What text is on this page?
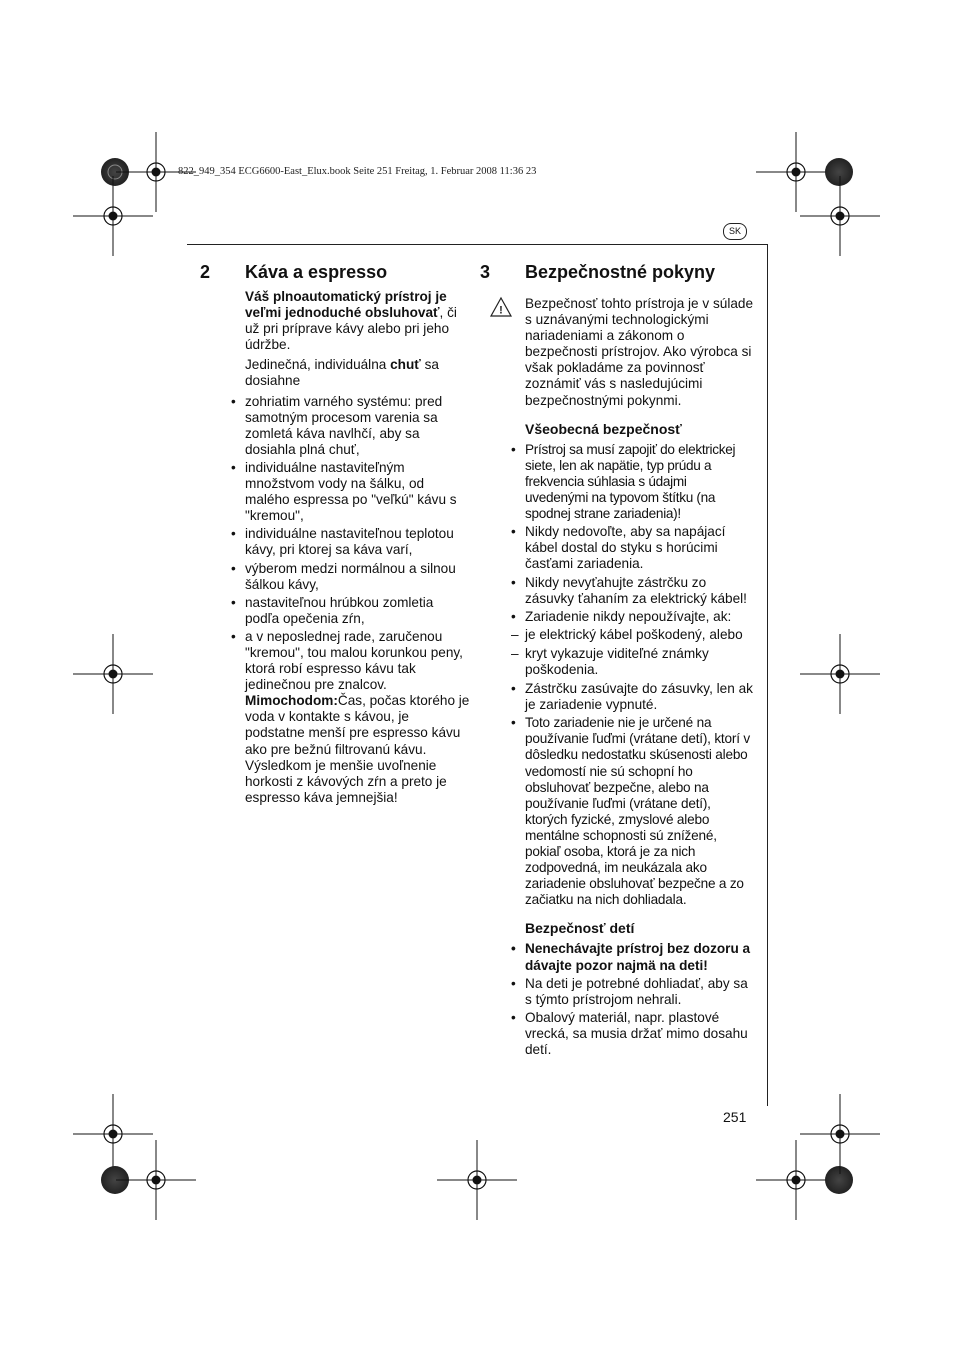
822_949_354 ECG6600-East_Elux.book Seite 251 Freitag, 1. Februar 2008 11:36 23
SK
2 Káva a espresso

Váš plnoautomatický prístroj je veľmi jednoduché obsluhovať, či už pri príprave kávy alebo pri jeho údržbe.

Jedinečná, individuálna chuť sa dosiahne

• zohriatim varného systému: pred samotným procesom varenia sa zomletá káva navlhčí, aby sa dosiahla plná chuť,
• individuálne nastaviteľným množstvom vody na šálku, od malého espressa po "veľkú" kávu s "kremou",
• individuálne nastaviteľnou teplotou kávy, pri ktorej sa káva varí,
• výberom medzi normálnou a silnou šálkou kávy,
• nastaviteľnou hrúbkou zomletia podľa opečenia zŕn,
• a v neposlednej rade, zaručenou "kremou", tou malou korunkou peny, ktorá robí espresso kávu tak jedinečnou pre znalcov.

Mimochodom:Čas, počas ktorého je voda v kontakte s kávou, je podstatne menší pre espresso kávu ako pre bežnú filtrovanú kávu. Výsledkom je menšie uvoľnenie horkosti z kávových zŕn a preto je espresso káva jemnejšia!

3 Bezpečnostné pokyny
!	Bezpečnosť tohto prístroja je v súlade s uznávanými technologickými nariadeniami a zákonom o bezpečnosti prístrojov. Ako výrobca si však pokladáme za povinnosť zoznámiť vás s nasledujúcimi bezpečnostnými pokynmi.

Všeobecná bezpečnosť
• Prístroj sa musí zapojiť do elektrickej siete, len ak napätie, typ prúdu a frekvencia súhlasia s údajmi uvedenými na typovom štítku (na spodnej strane zariadenia)!
• Nikdy nedovoľte, aby sa napájací kábel dostal do styku s horúcimi časťami zariadenia.
• Nikdy nevyťahujte zástrčku zo zásuvky ťahaním za elektrický kábel!
• Zariadenie nikdy nepoužívajte, ak:
– je elektrický kábel poškodený, alebo
– kryt vykazuje viditeľné známky poškodenia.
• Zástrčku zasúvajte do zásuvky, len ak je zariadenie vypnuté.
• Toto zariadenie nie je určené na používanie ľuďmi (vrátane detí), ktorí v dôsledku nedostatku skúsenosti alebo vedomostí nie sú schopní ho obsluhovať bezpečne, alebo na používanie ľuďmi (vrátane detí), ktorých fyzické, zmyslové alebo mentálne schopnosti sú znížené, pokiaľ osoba, ktorá je za nich zodpovedná, im neukázala ako zariadenie obsluhovať bezpečne a zo začiatku na nich dohliadala.
Bezpečnosť detí
• Nenechávajte prístroj bez dozoru a dávajte pozor najmä na deti!
• Na deti je potrebné dohliadať, aby sa s týmto prístrojom nehrali.
• Obalový materiál, napr. plastové vrecká, sa musia držať mimo dosahu detí.
251
